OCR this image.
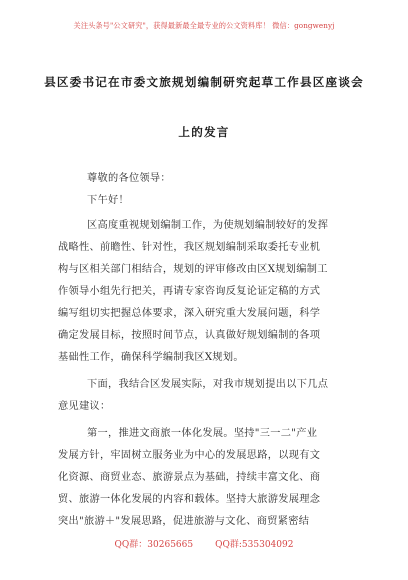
关注头条号"公文研究"，获得最新最全最专业的公文资料库！ 微信：gongwenyj
县区委书记在市委文旅规划编制研究起草工作县区座谈会
上的发言
尊敬的各位领导：
下午好！
区高度重视规划编制工作，为使规划编制较好的发挥
战略性、前瞻性、针对性，我区规划编制采取委托专业机
构与区相关部门相结合，规划的评审修改由区X规划编制工
作领导小组先行把关，再请专家咨询反复论证定稿的方式
编写组切实把握总体要求，深入研究重大发展问题，科学
确定发展目标，按照时间节点，认真做好规划编制的各项
基础性工作，确保科学编制我区X规划。
下面，我结合区发展实际，对我市规划提出以下几点
意见建议：
第一，推进文商旅一体化发展。坚持"三一二"产业
发展方针，牢固树立服务业为中心的发展思路，以现有文
化资源、商贸业态、旅游景点为基础，持续丰富文化、商
贸、旅游一体化发展的内容和载体。坚持大旅游发展理念
突出"旅游＋"发展思路，促进旅游与文化、商贸紧密结
QQ群：30265665 QQ群:535304092
